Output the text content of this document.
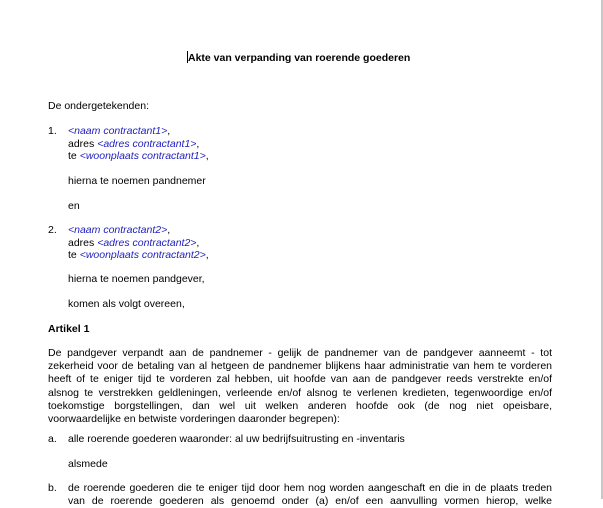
Akte van verpanding van roerende goederen
De ondergetekenden:
1. <naam contractant1>,
adres <adres contractant1>,
te <woonplaats contractant1>,
hierna te noemen pandnemer
en
2. <naam contractant2>,
adres <adres contractant2>,
te <woonplaats contractant2>,
hierna te noemen pandgever,
komen als volgt overeen,
Artikel 1
De pandgever verpandt aan de pandnemer - gelijk de pandnemer van de pandgever aanneemt - tot
zekerheid voor de betaling van al hetgeen de pandnemer blijkens haar administratie van hem te vorderen
heeft of te eniger tijd te vorderen zal hebben, uit hoofde van aan de pandgever reeds verstrekte en/of
alsnog te verstrekken geldleningen, verleende en/of alsnog te verlenen kredieten, tegenwoordige en/of
toekomstige borgstellingen, dan wel uit welken anderen hoofde ook (de nog niet opeisbare,
voorwaardelijke en betwiste vorderingen daaronder begrepen):
a. alle roerende goederen waaronder: al uw bedrijfsuitrusting en -inventaris
alsmede
b. de roerende goederen die te eniger tijd door hem nog worden aangeschaft en die in de plaats treden
van de roerende goederen als genoemd onder (a) en/of een aanvulling vormen hierop, welke
